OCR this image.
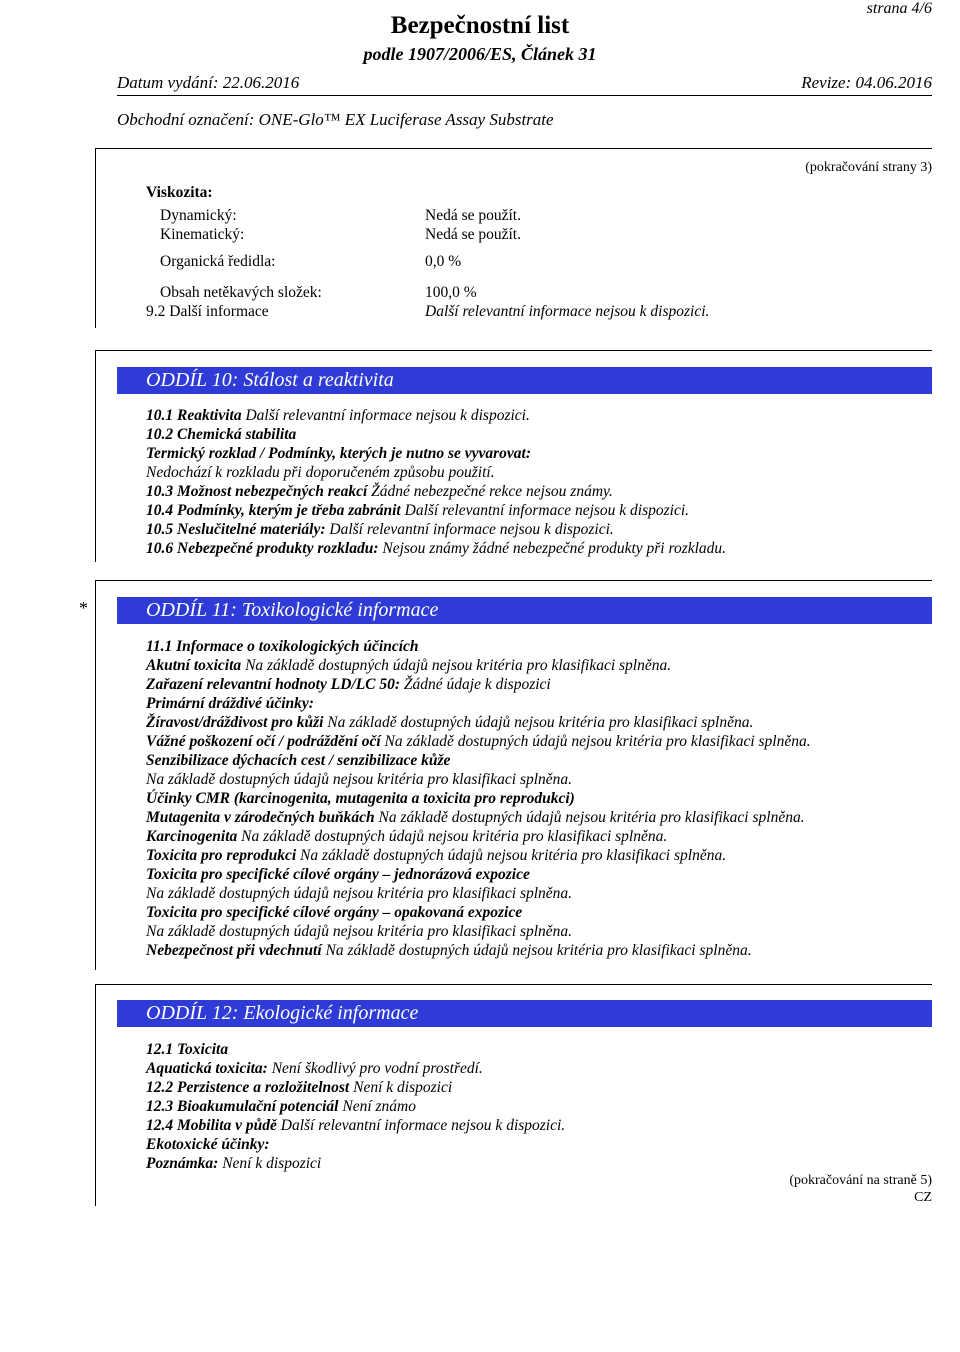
strana 4/6
Bezpečnostní list
podle 1907/2006/ES, Článek 31
Datum vydání: 22.06.2016	Revize: 04.06.2016
Obchodní označení: ONE-Glo™ EX Luciferase Assay Substrate
(pokračování strany 3)
Viskozita:
Dynamický:	Nedá se použít.
Kinematický:	Nedá se použít.
Organická ředidla:	0,0 %
Obsah netěkavých složek:	100,0 %
9.2 Další informace	Další relevantní informace nejsou k dispozici.
ODDÍL 10: Stálost a reaktivita
10.1 Reaktivita Další relevantní informace nejsou k dispozici.
10.2 Chemická stabilita
Termický rozklad / Podmínky, kterých je nutno se vyvarovat:
Nedochází k rozkladu při doporučeném způsobu použití.
10.3 Možnost nebezpečných reakcí Žádné nebezpečné rekce nejsou známy.
10.4 Podmínky, kterým je třeba zabránit Další relevantní informace nejsou k dispozici.
10.5 Neslučitelné materiály: Další relevantní informace nejsou k dispozici.
10.6 Nebezpečné produkty rozkladu: Nejsou známy žádné nebezpečné produkty při rozkladu.
*	ODDÍL 11: Toxikologické informace
11.1 Informace o toxikologických účincích
Akutní toxicita Na základě dostupných údajů nejsou kritéria pro klasifikaci splněna.
Zařazení relevantní hodnoty LD/LC 50: Žádné údaje k dispozici
Primární dráždivé účinky:
Žíravost/dráždivost pro kůži Na základě dostupných údajů nejsou kritéria pro klasifikaci splněna.
Vážné poškození očí / podráždění očí Na základě dostupných údajů nejsou kritéria pro klasifikaci splněna.
Senzibilizace dýchacích cest / senzibilizace kůže
Na základě dostupných údajů nejsou kritéria pro klasifikaci splněna.
Účinky CMR (karcinogenita, mutagenita a toxicita pro reprodukci)
Mutagenita v zárodečných buňkách Na základě dostupných údajů nejsou kritéria pro klasifikaci splněna.
Karcinogenita Na základě dostupných údajů nejsou kritéria pro klasifikaci splněna.
Toxicita pro reprodukci Na základě dostupných údajů nejsou kritéria pro klasifikaci splněna.
Toxicita pro specifické cílové orgány – jednorázová expozice
Na základě dostupných údajů nejsou kritéria pro klasifikaci splněna.
Toxicita pro specifické cílové orgány – opakovaná expozice
Na základě dostupných údajů nejsou kritéria pro klasifikaci splněna.
Nebezpečnost při vdechnutí Na základě dostupných údajů nejsou kritéria pro klasifikaci splněna.
ODDÍL 12: Ekologické informace
12.1 Toxicita
Aquatická toxicita: Není škodlivý pro vodní prostředí.
12.2 Perzistence a rozložitelnost Není k dispozici
12.3 Bioakumulační potenciál Není známo
12.4 Mobilita v půdě Další relevantní informace nejsou k dispozici.
Ekotoxické účinky:
Poznámka: Není k dispozici
(pokračování na straně 5)
CZ
